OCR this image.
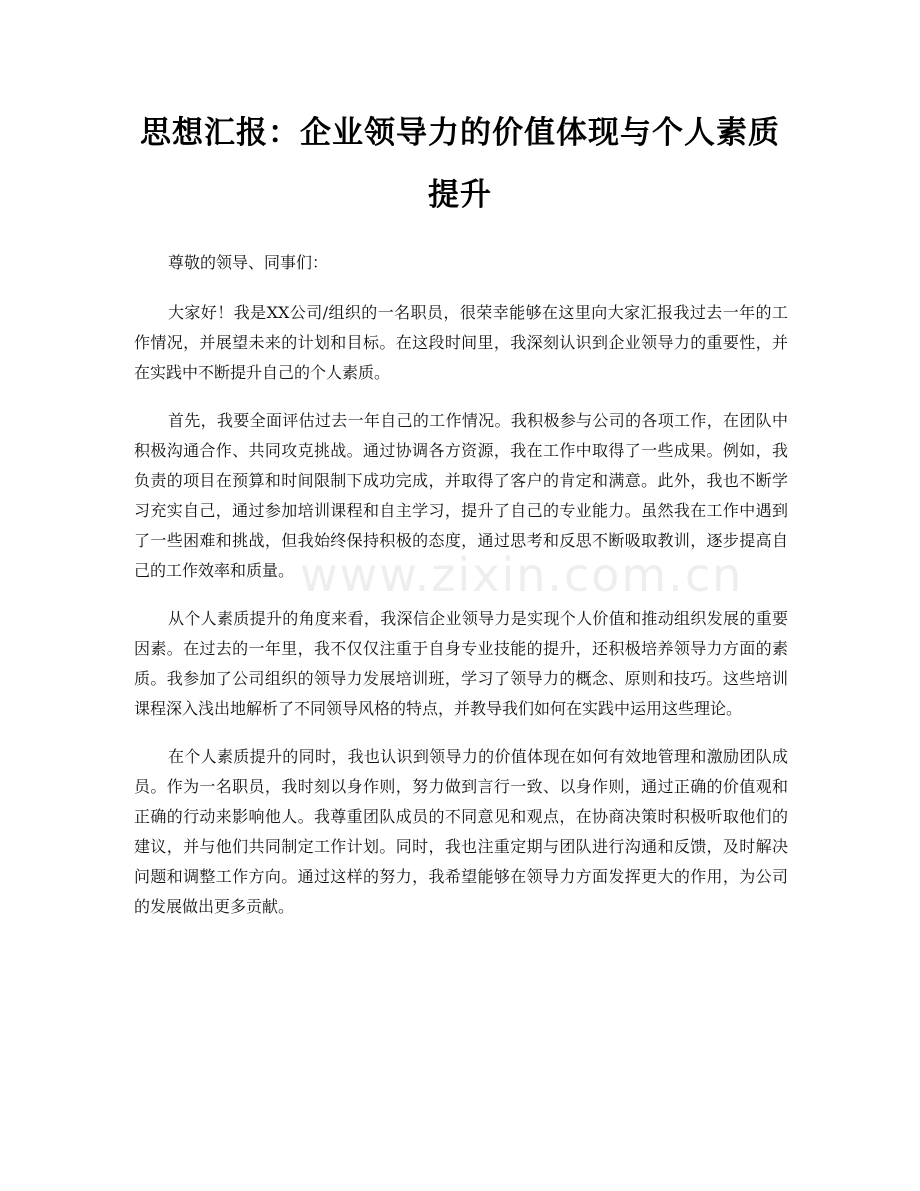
思想汇报：企业领导力的价值体现与个人素质提升

尊敬的领导、同事们：

大家好！我是XX公司/组织的一名职员，很荣幸能够在这里向大家汇报我过去一年的工作情况，并展望未来的计划和目标。在这段时间里，我深刻认识到企业领导力的重要性，并在实践中不断提升自己的个人素质。

首先，我要全面评估过去一年自己的工作情况。我积极参与公司的各项工作，在团队中积极沟通合作、共同攻克挑战。通过协调各方资源，我在工作中取得了一些成果。例如，我负责的项目在预算和时间限制下成功完成，并取得了客户的肯定和满意。此外，我也不断学习充实自己，通过参加培训课程和自主学习，提升了自己的专业能力。虽然我在工作中遇到了一些困难和挑战，但我始终保持积极的态度，通过思考和反思不断吸取教训，逐步提高自己的工作效率和质量。

从个人素质提升的角度来看，我深信企业领导力是实现个人价值和推动组织发展的重要因素。在过去的一年里，我不仅仅注重于自身专业技能的提升，还积极培养领导力方面的素质。我参加了公司组织的领导力发展培训班，学习了领导力的概念、原则和技巧。这些培训课程深入浅出地解析了不同领导风格的特点，并教导我们如何在实践中运用这些理论。

在个人素质提升的同时，我也认识到领导力的价值体现在如何有效地管理和激励团队成员。作为一名职员，我时刻以身作则，努力做到言行一致、以身作则，通过正确的价值观和正确的行动来影响他人。我尊重团队成员的不同意见和观点，在协商决策时积极听取他们的建议，并与他们共同制定工作计划。同时，我也注重定期与团队进行沟通和反馈，及时解决问题和调整工作方向。通过这样的努力，我希望能够在领导力方面发挥更大的作用，为公司的发展做出更多贡献。

www.zixin.com.cn
